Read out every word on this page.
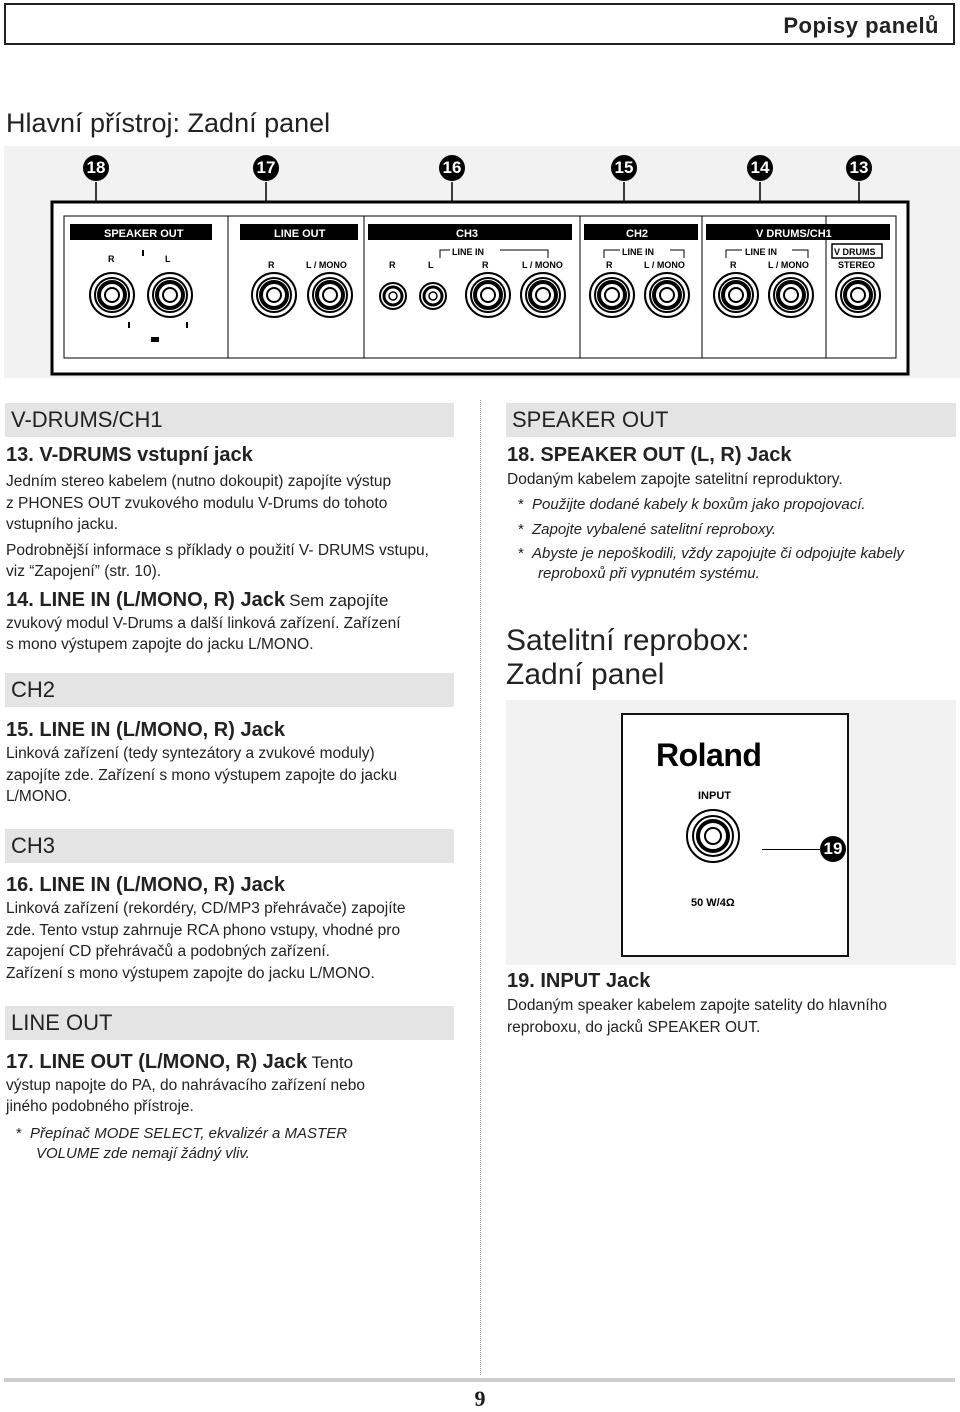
Popisy panelů
Hlavní přístroj: Zadní panel
SPEAKER OUT	LINE OUT	CH3	CH2	V DRUMS/CH1
V DRUMS
STEREO
LINE IN	LINE IN	LINE IN
R	L
R	L / MONO	R	L	R	L / MONO	R	L / MONO	R	L / MONO
18	17	16	15	14	13
V-DRUMS/CH1
13. V-DRUMS vstupní jack
Jedním stereo kabelem (nutno dokoupit) zapojíte výstup
z PHONES OUT zvukového modulu V-Drums do tohoto
vstupního jacku.
Podrobnější informace s příklady o použití V- DRUMS vstupu,
viz “Zapojení” (str. 10).
14. LINE IN (L/MONO, R) Jack Sem zapojíte
zvukový modul V-Drums a další linková zařízení. Zařízení
s mono výstupem zapojte do jacku L/MONO.
CH2
15. LINE IN (L/MONO, R) Jack
Linková zařízení (tedy syntezátory a zvukové moduly)
zapojíte zde. Zařízení s mono výstupem zapojte do jacku
L/MONO.
CH3
16. LINE IN (L/MONO, R) Jack
Linková zařízení (rekordéry, CD/MP3 přehrávače) zapojíte
zde. Tento vstup zahrnuje RCA phono vstupy, vhodné pro
zapojení CD přehrávačů a podobných zařízení.
Zařízení s mono výstupem zapojte do jacku L/MONO.
LINE OUT
17. LINE OUT (L/MONO, R) Jack Tento
výstup napojte do PA, do nahrávacího zařízení nebo
jiného podobného přístroje.
* Přepínač MODE SELECT, ekvalizér a MASTER
VOLUME zde nemají žádný vliv.
SPEAKER OUT
18. SPEAKER OUT (L, R) Jack
Dodaným kabelem zapojte satelitní reproduktory.
* Použijte dodané kabely k boxům jako propojovací.
* Zapojte vybalené satelitní reproboxy.
* Abyste je nepoškodili, vždy zapojujte či odpojujte kabely
reproboxů při vypnutém systému.
Satelitní reprobox:
Zadní panel
Roland
INPUT
50 W/4Ω
19
19. INPUT Jack
Dodaným speaker kabelem zapojte satelity do hlavního
reproboxu, do jacků SPEAKER OUT.
9
